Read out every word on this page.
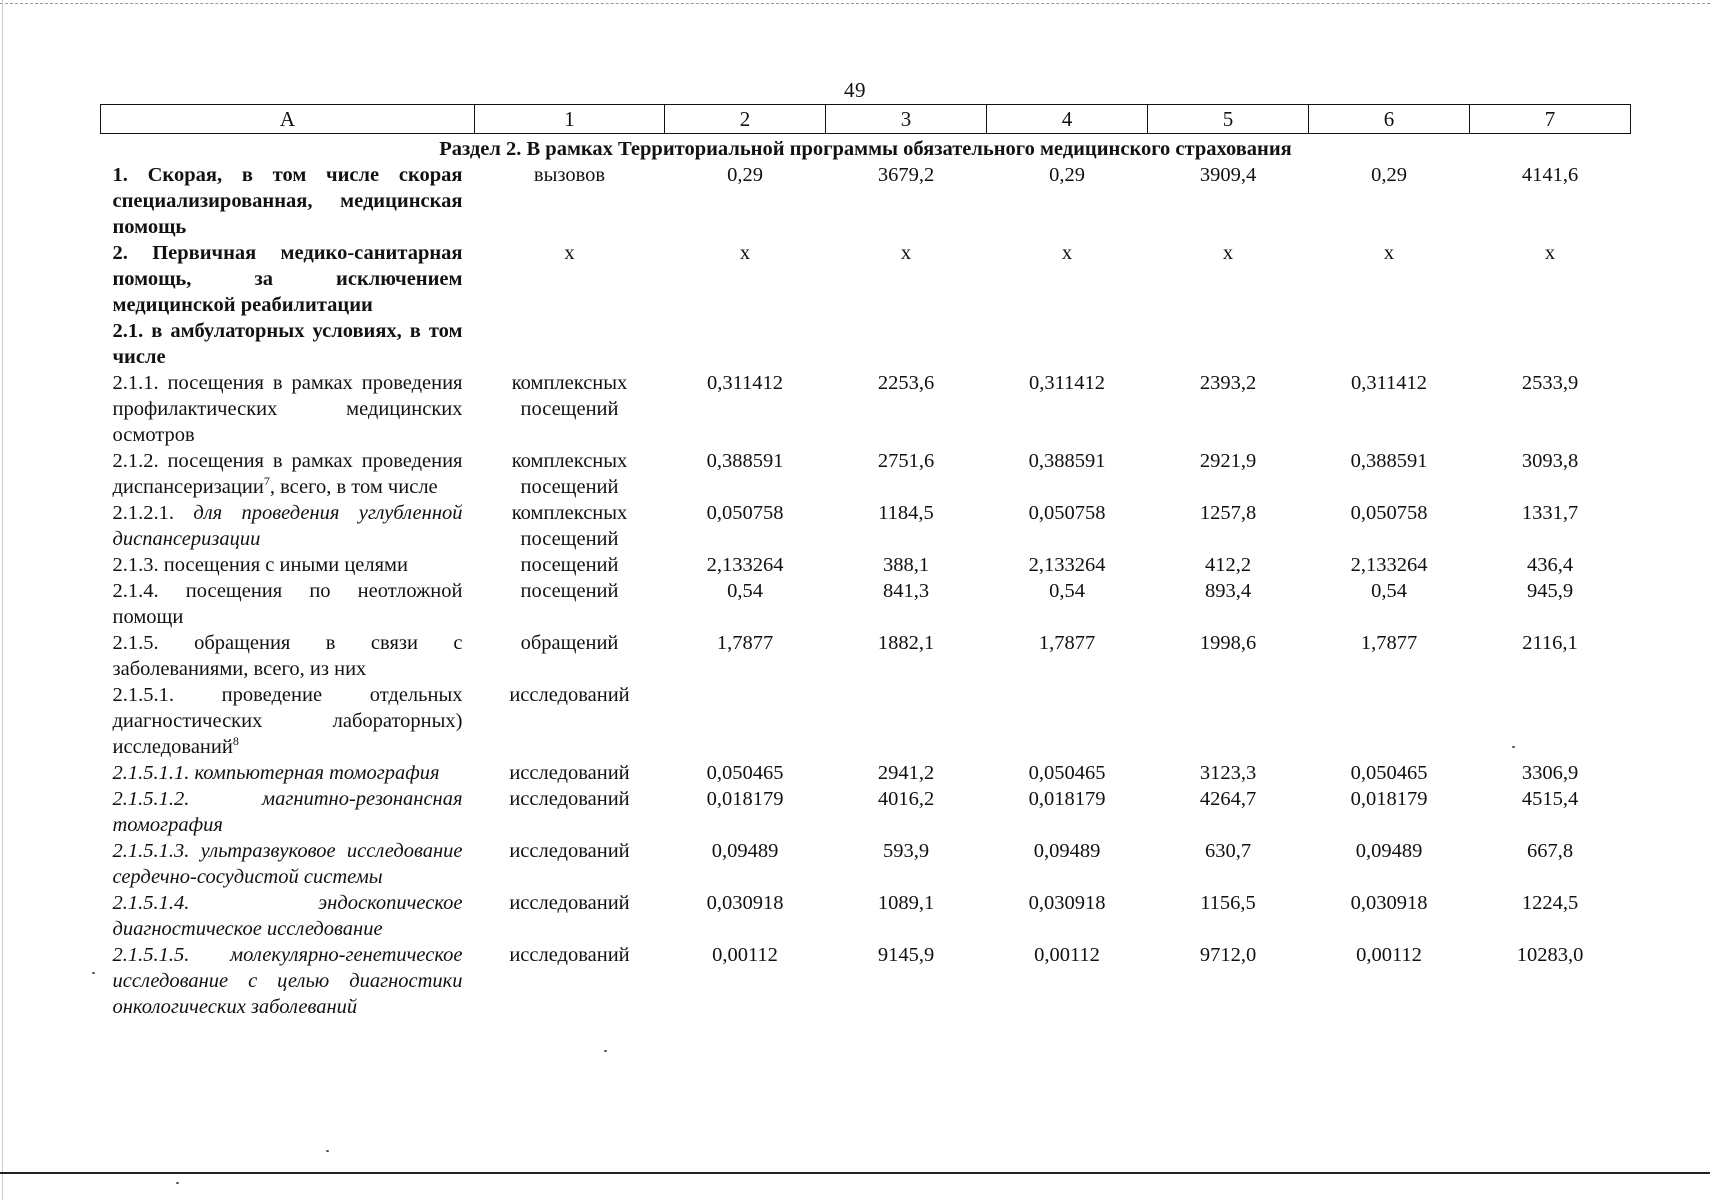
49
А	1	2	3	4	5	6	7
Раздел 2. В рамках Территориальной программы обязательного медицинского страхования							
1. Скорая, в том числе скорая специализированная, медицинская помощь	вызовов	0,29	3679,2	0,29	3909,4	0,29	4141,6
2. Первичная медико-санитарная помощь, за исключением медицинской реабилитации	х	х	х	х	х	х	х
2.1. в амбулаторных условиях, в том числе							
2.1.1. посещения в рамках проведения профилактических медицинских осмотров	комплексных посещений	0,311412	2253,6	0,311412	2393,2	0,311412	2533,9
2.1.2. посещения в рамках проведения диспансеризации$^7$, всего, в том числе	комплексных посещений	0,388591	2751,6	0,388591	2921,9	0,388591	3093,8
2.1.2.1. для проведения углубленной диспансеризации	комплексных посещений	0,050758	1184,5	0,050758	1257,8	0,050758	1331,7
2.1.3. посещения с иными целями	посещений	2,133264	388,1	2,133264	412,2	2,133264	436,4
2.1.4. посещения по неотложной помощи	посещений	0,54	841,3	0,54	893,4	0,54	945,9
2.1.5. обращения в связи с заболеваниями, всего, из них	обращений	1,7877	1882,1	1,7877	1998,6	1,7877	2116,1
2.1.5.1. проведение отдельных диагностических лабораторных) исследований$^8$	исследований						
2.1.5.1.1. компьютерная томография	исследований	0,050465	2941,2	0,050465	3123,3	0,050465	3306,9
2.1.5.1.2. магнитно-резонансная томография	исследований	0,018179	4016,2	0,018179	4264,7	0,018179	4515,4
2.1.5.1.3. ультразвуковое исследование сердечно-сосудистой системы	исследований	0,09489	593,9	0,09489	630,7	0,09489	667,8
2.1.5.1.4. эндоскопическое диагностическое исследование	исследований	0,030918	1089,1	0,030918	1156,5	0,030918	1224,5
2.1.5.1.5. молекулярно-генетическое исследование с целью диагностики онкологических заболеваний	исследований	0,00112	9145,9	0,00112	9712,0	0,00112	10283,0
